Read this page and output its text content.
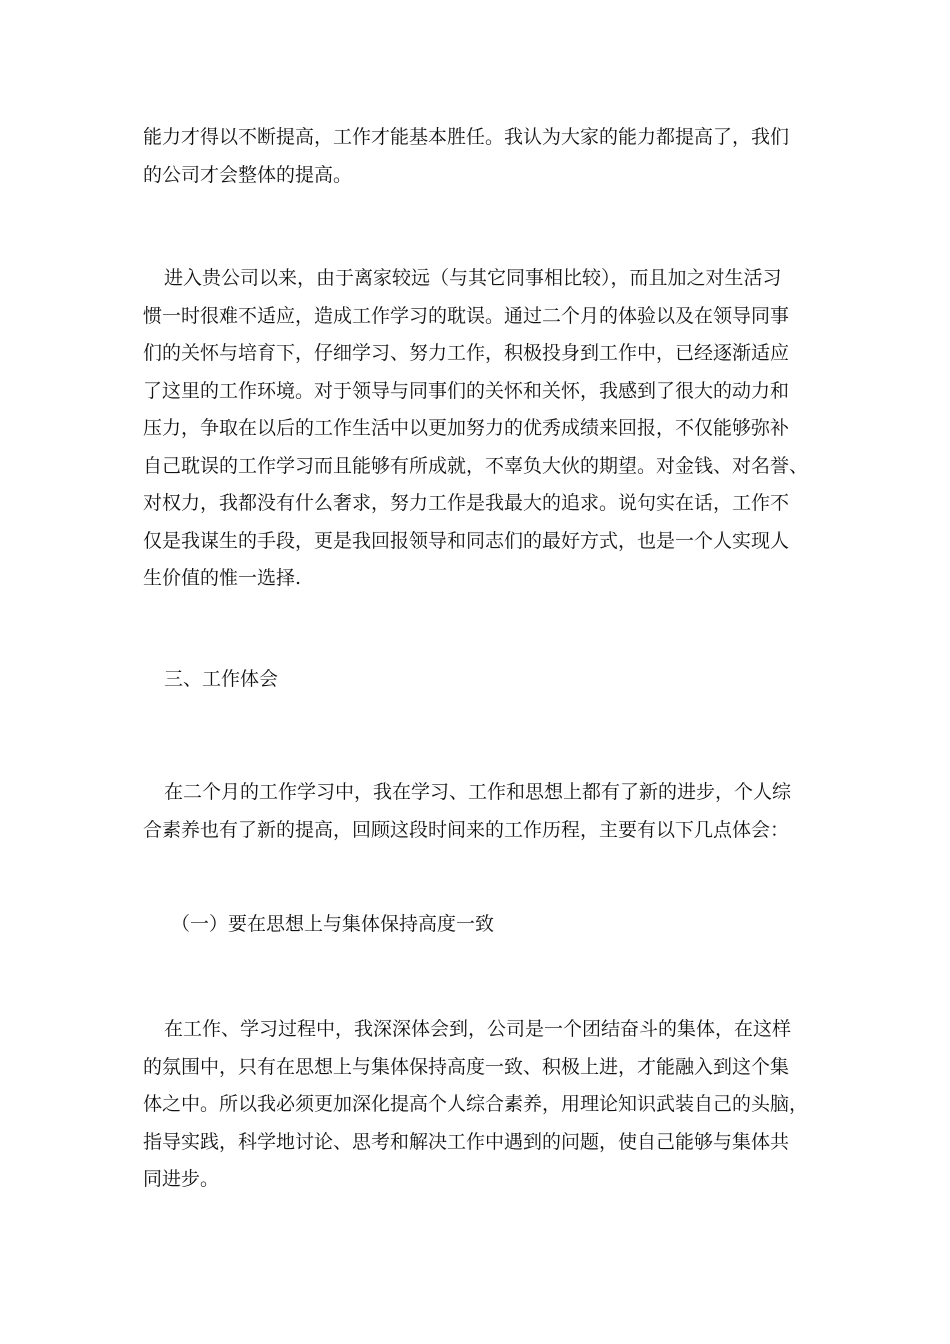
能力才得以不断提高，工作才能基本胜任。我认为大家的能力都提高了，我们
的公司才会整体的提高。

进入贵公司以来，由于离家较远（与其它同事相比较），而且加之对生活习
惯一时很难不适应，造成工作学习的耽误。通过二个月的体验以及在领导同事
们的关怀与培育下，仔细学习、努力工作，积极投身到工作中，已经逐渐适应
了这里的工作环境。对于领导与同事们的关怀和关怀，我感到了很大的动力和
压力，争取在以后的工作生活中以更加努力的优秀成绩来回报，不仅能够弥补
自己耽误的工作学习而且能够有所成就，不辜负大伙的期望。对金钱、对名誉、
对权力，我都没有什么奢求，努力工作是我最大的追求。说句实在话，工作不
仅是我谋生的手段，更是我回报领导和同志们的最好方式，也是一个人实现人
生价值的惟一选择.

三、工作体会

在二个月的工作学习中，我在学习、工作和思想上都有了新的进步，个人综
合素养也有了新的提高，回顾这段时间来的工作历程，主要有以下几点体会：

（一）要在思想上与集体保持高度一致

在工作、学习过程中，我深深体会到，公司是一个团结奋斗的集体，在这样
的氛围中，只有在思想上与集体保持高度一致、积极上进，才能融入到这个集
体之中。所以我必须更加深化提高个人综合素养，用理论知识武装自己的头脑，
指导实践，科学地讨论、思考和解决工作中遇到的问题，使自己能够与集体共
同进步。
